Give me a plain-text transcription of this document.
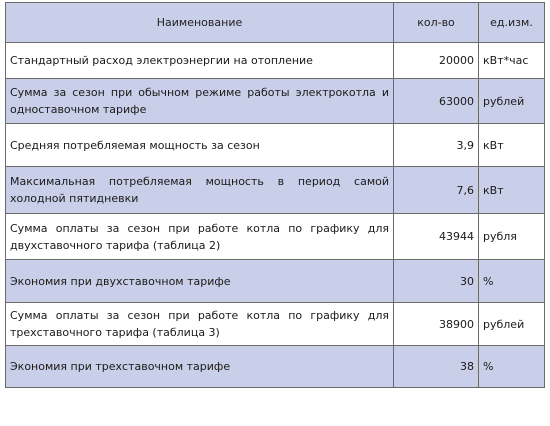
Наименование	кол-во	ед.изм.
Стандартный расход электроэнергии на отопление	20000	кВт*час
Сумма за сезон при обычном режиме работы электрокотла и одноставочном тарифе	63000	рублей
Средняя потребляемая мощность за сезон	3,9	кВт
Максимальная потребляемая мощность в период самой холодной пятидневки	7,6	кВт
Сумма оплаты за сезон при работе котла по графику для двухставочного тарифа (таблица 2)	43944	рубля
Экономия при двухставочном тарифе	30	%
Сумма оплаты за сезон при работе котла по графику для трехставочного тарифа (таблица 3)	38900	рублей
Экономия при трехставочном тарифе	38	%
